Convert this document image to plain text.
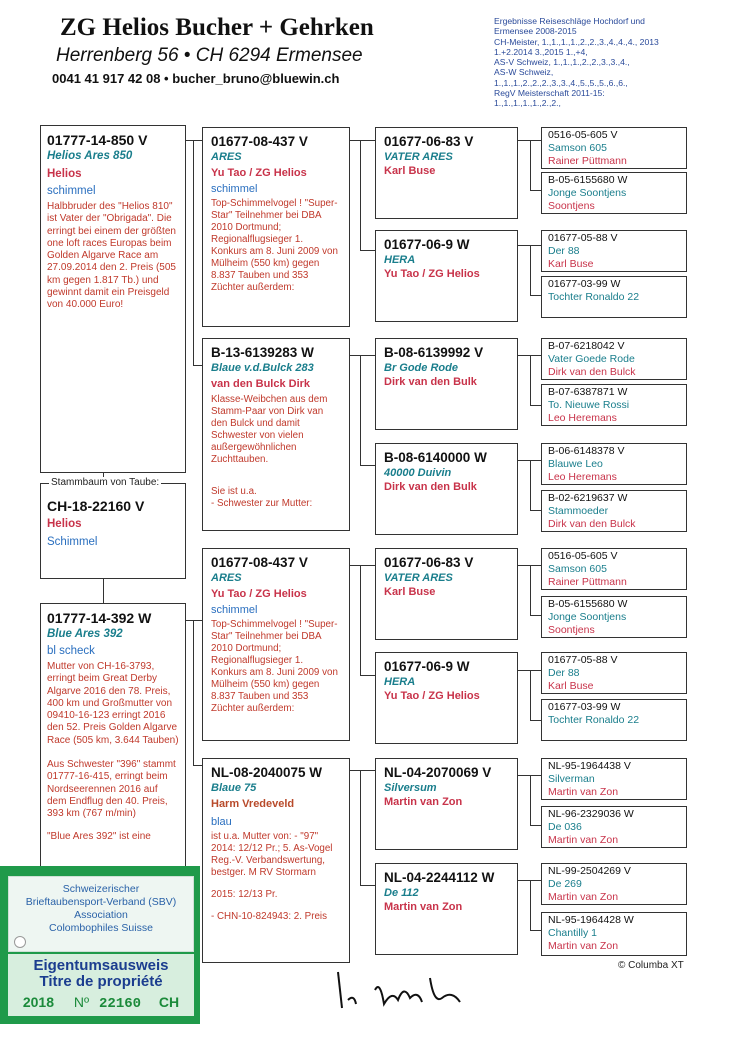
ZG Helios Bucher + Gehrken
Herrenberg 56 • CH 6294 Ermensee
0041 41 917 42 08 • bucher_bruno@bluewin.ch
Ergebnisse Reiseschläge Hochdorf und
Ermensee 2008-2015
CH-Meister, 1.,1.,1.,1.,2.,2.,3.,4.,4.,4., 2013
1.+2.2014 3.,2015 1.,+4,
AS-V Schweiz, 1.,1.,1.,2.,2.,3.,3.,4.,
AS-W Schweiz,
1.,1.,1.,2.,2.,2.,3.,3.,4.,5.,5.,5.,6.,6.,
RegV Meisterschaft 2011-15:
1.,1.,1.,1.,1.,2.,2.,
01777-14-850 V
Helios Ares 850
Helios
schimmel
Halbbruder des "Helios 810" ist Vater der "Obrigada". Die erringt bei einem der größten one loft races Europas beim Golden Algarve Race am 27.09.2014 den 2. Preis (505 km gegen 1.817 Tb.) und gewinnt damit ein Preisgeld von 40.000 Euro!
Stammbaum von Taube:
CH-18-22160 V
Helios
Schimmel
01777-14-392 W
Blue Ares 392
bl scheck
Mutter von CH-16-3793, erringt beim Great Derby Algarve 2016 den 78. Preis, 400 km und Großmutter von 09410-16-123 erringt 2016 den 52. Preis Golden Algarve Race (505 km, 3.644 Tauben)
Aus Schwester "396" stammt 01777-16-415, erringt beim Nordseerennen 2016 auf dem Endflug den 40. Preis, 393 km (767 m/min)
"Blue Ares 392" ist eine
01677-08-437 V
ARES
Yu Tao / ZG Helios
schimmel
Top-Schimmelvogel ! "Super-Star" Teilnehmer bei DBA 2010 Dortmund; Regionalflugsieger 1. Konkurs am 8. Juni 2009 von Mülheim (550 km) gegen 8.837 Tauben und 353 Züchter außerdem:
B-13-6139283 W
Blaue v.d.Bulck 283
van den Bulck Dirk
Klasse-Weibchen aus dem Stamm-Paar von Dirk van den Bulck und damit Schwester von vielen außergewöhnlichen Zuchttauben.
Sie ist u.a.
- Schwester zur Mutter:
01677-08-437 V
ARES
Yu Tao / ZG Helios
schimmel
Top-Schimmelvogel ! "Super-Star" Teilnehmer bei DBA 2010 Dortmund; Regionalflugsieger 1. Konkurs am 8. Juni 2009 von Mülheim (550 km) gegen 8.837 Tauben und 353 Züchter außerdem:
NL-08-2040075 W
Blaue 75
Harm Vredeveld
blau
ist u.a. Mutter von: - "97" 2014: 12/12 Pr.; 5. As-Vogel Reg.-V. Verbandswertung, bestger. M RV Stormarn
2015: 12/13 Pr.
- CHN-10-824943: 2. Preis
01677-06-83 V
VATER ARES
Karl Buse
01677-06-9 W
HERA
Yu Tao / ZG Helios
B-08-6139992 V
Br Gode Rode
Dirk van den Bulk
B-08-6140000 W
40000 Duivin
Dirk van den Bulk
01677-06-83 V
VATER ARES
Karl Buse
01677-06-9 W
HERA
Yu Tao / ZG Helios
NL-04-2070069 V
Silversum
Martin van Zon
NL-04-2244112 W
De 112
Martin van Zon
0516-05-605 V
Samson 605
Rainer Püttmann
B-05-6155680 W
Jonge Soontjens
Soontjens
01677-05-88 V
Der 88
Karl Buse
01677-03-99 W
Tochter Ronaldo 22
B-07-6218042 V
Vater Goede Rode
Dirk van den Bulck
B-07-6387871 W
To. Nieuwe Rossi
Leo Heremans
B-06-6148378 V
Blauwe Leo
Leo Heremans
B-02-6219637 W
Stammoeder
Dirk van den Bulck
0516-05-605 V
Samson 605
Rainer Püttmann
B-05-6155680 W
Jonge Soontjens
Soontjens
01677-05-88 V
Der 88
Karl Buse
01677-03-99 W
Tochter Ronaldo 22
NL-95-1964438 V
Silverman
Martin van Zon
NL-96-2329036 W
De 036
Martin van Zon
NL-99-2504269 V
De 269
Martin van Zon
NL-95-1964428 W
Chantilly 1
Martin van Zon
© Columba XT
Schweizerischer
Brieftaubensport-Verband (SBV)
Association
Colombophiles Suisse
Eigentumsausweis
Titre de propriété
2018 Nº 22160 CH
